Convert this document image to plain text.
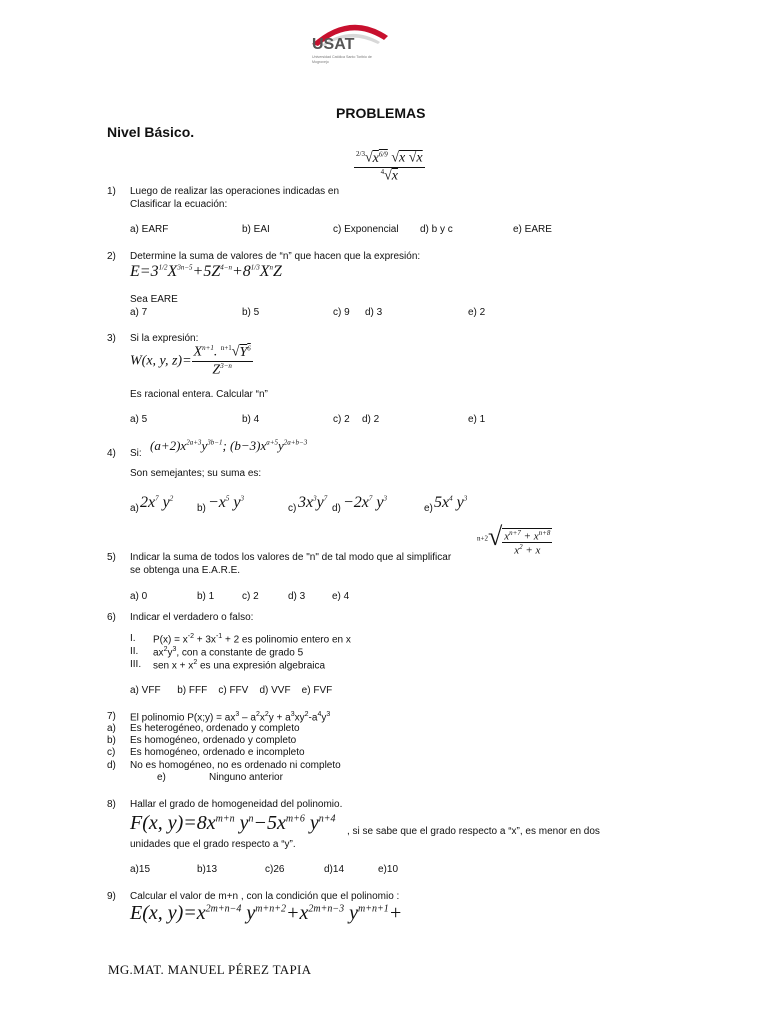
USAT
Universidad Católica Santo Toribio de Mogrovejo
PROBLEMAS
Nivel Básico.
$\frac{^{2/3}√x^{6/9} √x √x}{^4√x}$
1) Luego de realizar las operaciones indicadas en
Clasificar la ecuación:
a) EARF	b) EAI	c) Exponencial d) b y c	e) EARE
2) Determine la suma de valores de “n” que hacen que la expresión:
$E=3^{1/2}X^{3n-5}+5Z^{4-n}+8^{1/3}X^nZ$
Sea EARE
a) 7	b) 5	c) 9 d) 3	e) 2
3) Si la expresión:
W(x, y, $z)= \frac{X^{n+1}. ^{n+1}√Y^6}{Z^{3-n}}$
Es racional entera. Calcular “n”
a) 5	b) 4	c) 2 d) 2	e) 1
4) Si:
$(a+2)x^{2a+3}y^{3b-1}$; $(b-3)x^{a+5}y^{2a+b-3}$
Son semejantes; su suma es:
a) $2x^7$ $y^2$
$b) -x^5$ $y^3$
c) $3x^3y^7$
$d) -2x^7$ $y^3$
e) $5x^4$ $y^3$
$^{n+2}√ \frac{x^{n+7} + x^{n+8}}{x^2 + x}$
5) Indicar la suma de todos los valores de "n" de tal modo que al simplificar
se obtenga una E.A.R.E.
a) 0	b) 1	c) 2	d) 3	e) 4
6) Indicar el verdadero o falso:
I. $P(x) = x^{-2} + 3x^{-1} + 2$ es polinomio entero en x
II. $ax^2y^3$, con a constante de grado 5
III. sen $x + x^2$ es una expresión algebraica
a) VFF      b) FFF    c) FFV    d) VVF    e) FVF
7) El polinomio P(x;y) = $ax^3 - a^2x^2y + a^3xy^2-a^4y^3$
a) Es heterogéneo, ordenado y completo
b) Es homogéneo, ordenado y completo
c) Es homogéneo, ordenado e incompleto
d) No es homogéneo, no es ordenado ni completo
e)	Ninguno anterior
8) Hallar el grado de homogeneidad del polinomio.
F(x, $y)=8x^{m+n}$ $y^n-5x^{m+6}$ $y^{n+4}$
, si se sabe que el grado respecto a “x”, es menor en dos
unidades que el grado respecto a “y”.
a)15	b)13	c)26	d)14	e)10
9) Calcular el valor de m+n , con la condición que el polinomio :
E(x, $y)=x^{2m+n-4}$ $y^{m+n+2}+x^{2m+n-3}$ $y^{m+n+1}+$
MG.MAT. MANUEL PÉREZ TAPIA
